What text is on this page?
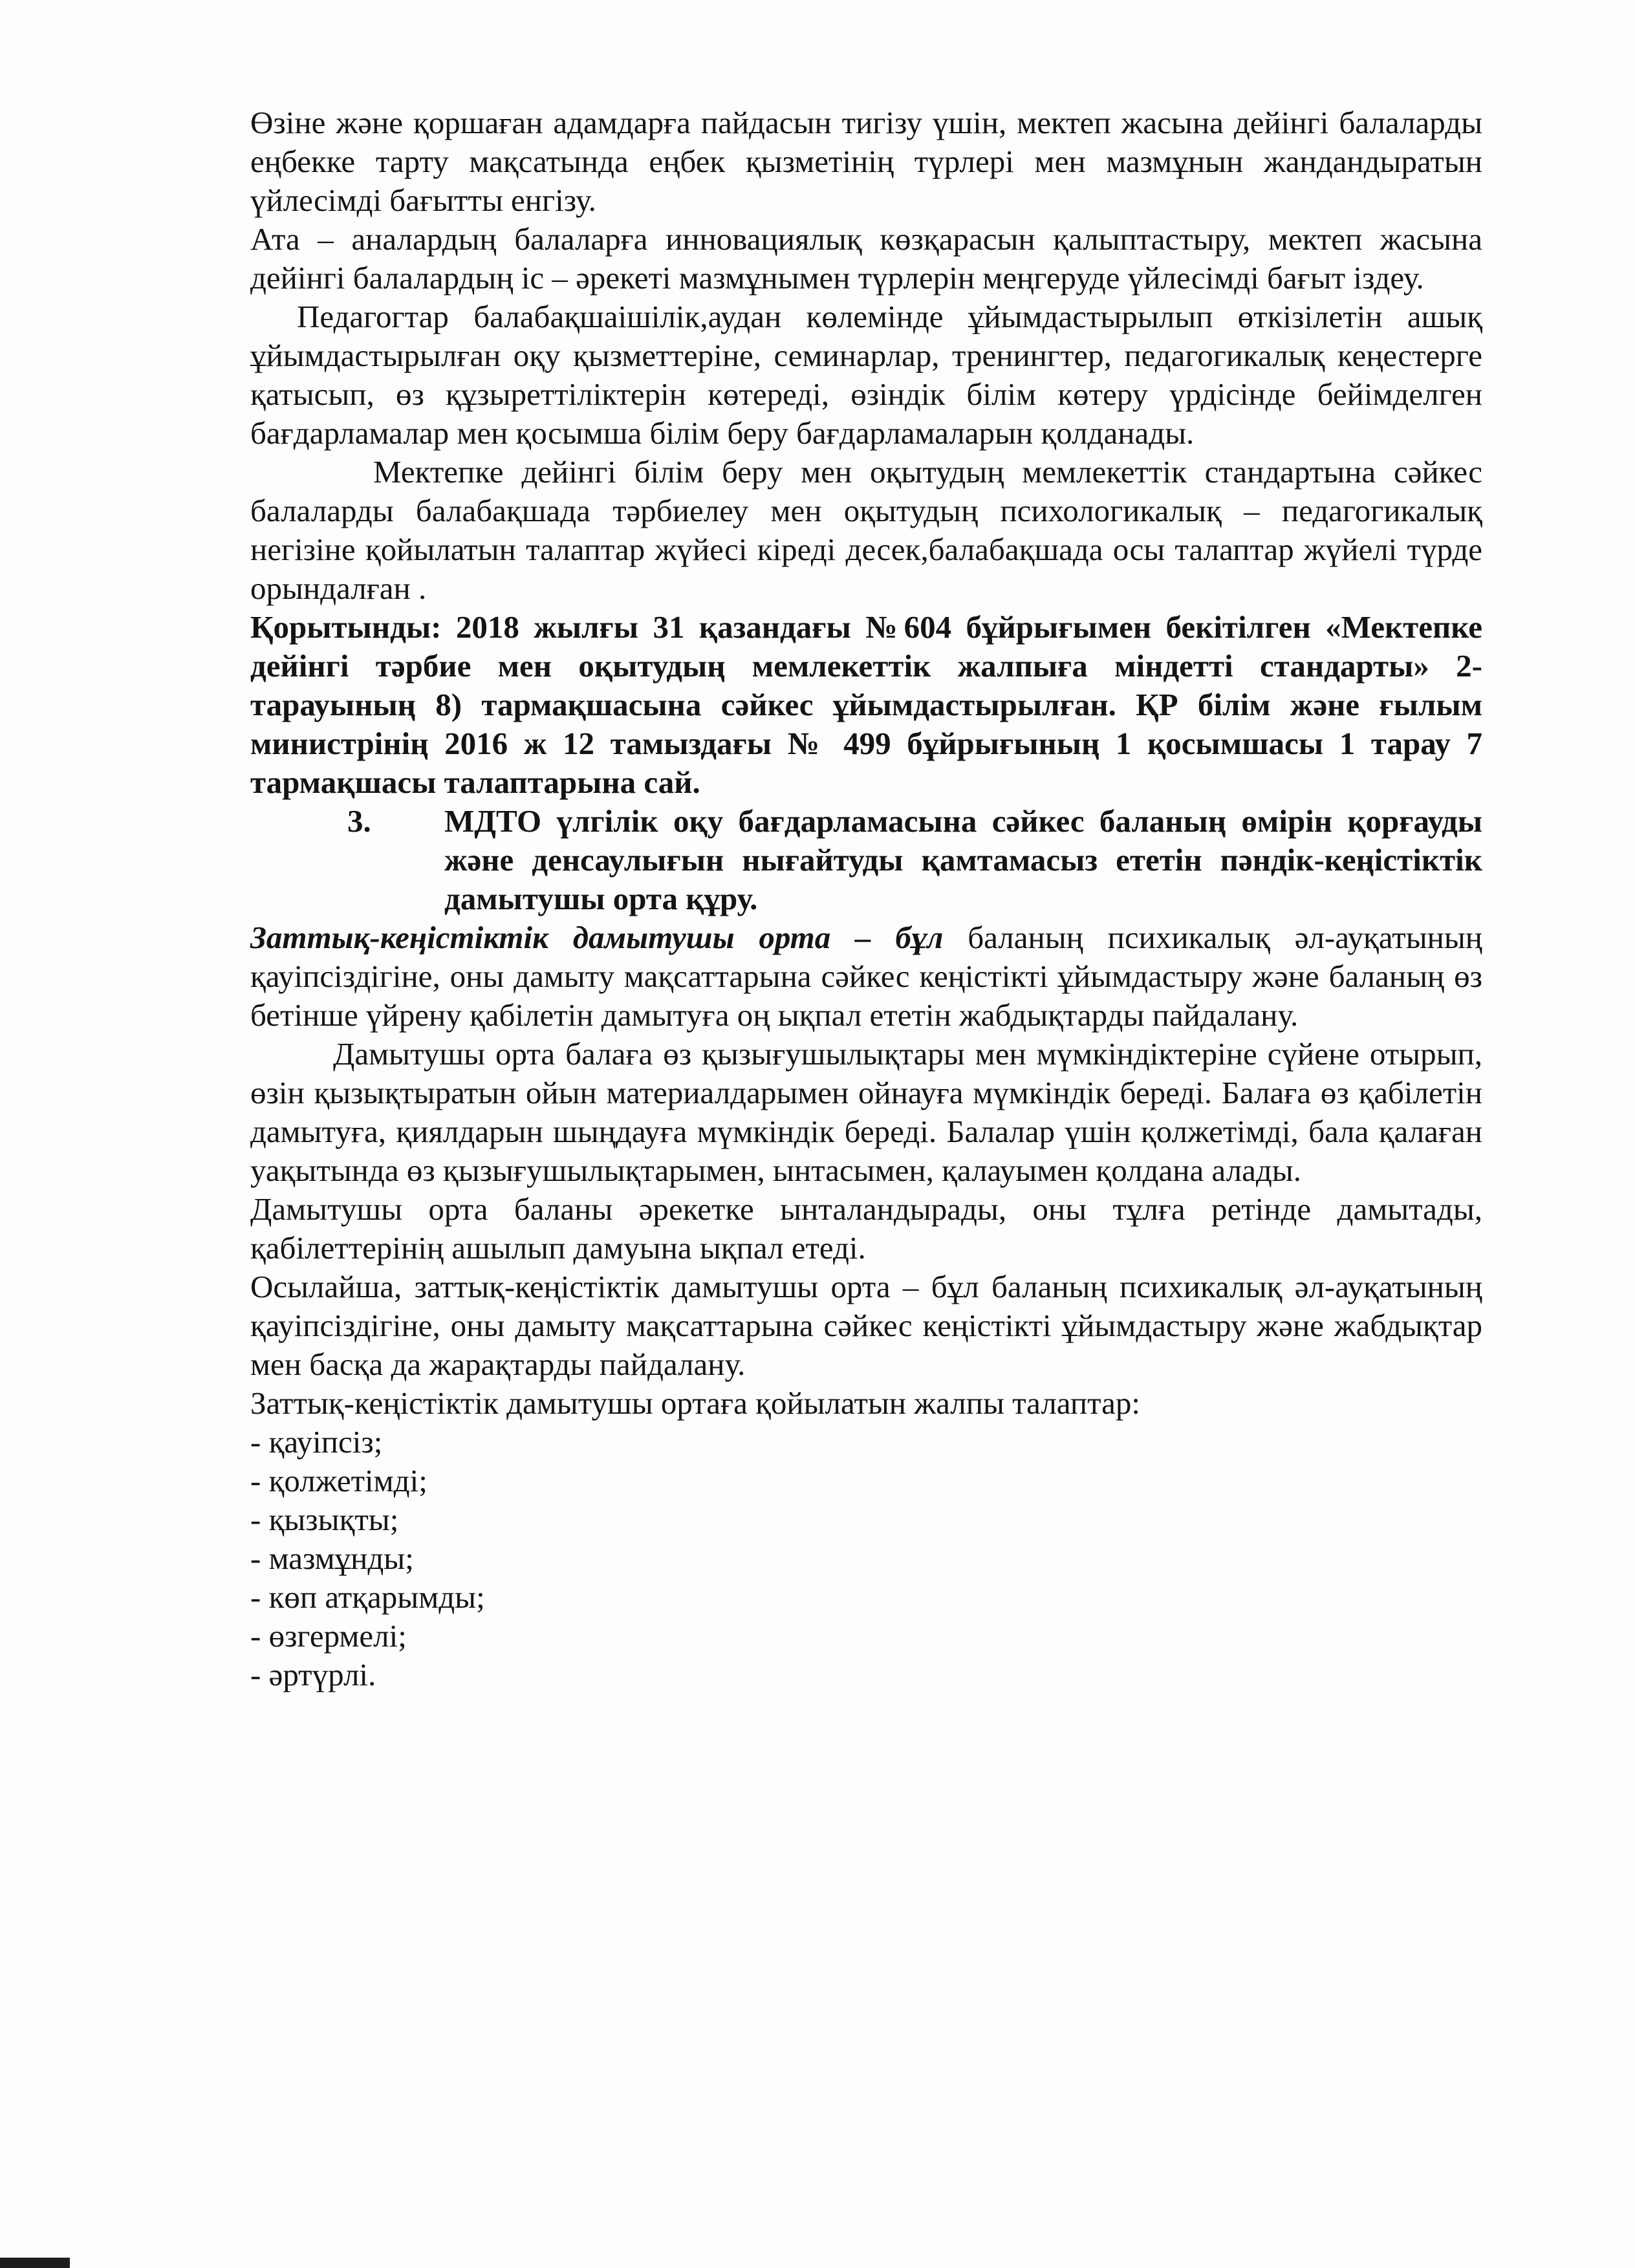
Өзіне және қоршаған адамдарға пайдасын тигізу үшін, мектеп жасына дейінгі балаларды еңбекке тарту мақсатында еңбек қызметінің түрлері мен мазмұнын жандандыратын үйлесімді бағытты енгізу.

Ата – аналардың балаларға инновациялық көзқарасын қалыптастыру, мектеп жасына дейінгі балалардың іс – әрекеті мазмұнымен түрлерін меңгеруде үйлесімді бағыт іздеу.

Педагогтар балабақшаішілік,аудан көлемінде ұйымдастырылып өткізілетін ашық ұйымдастырылған оқу қызметтеріне, семинарлар, тренингтер, педагогикалық кеңестерге қатысып, өз құзыреттіліктерін көтереді, өзіндік білім көтеру үрдісінде бейімделген бағдарламалар мен қосымша білім беру бағдарламаларын қолданады.

Мектепке дейінгі білім беру мен оқытудың мемлекеттік стандартына сәйкес балаларды балабақшада тәрбиелеу мен оқытудың психологикалық – педагогикалық негізіне қойылатын талаптар жүйесі кіреді десек,балабақшада осы талаптар жүйелі түрде орындалған .

Қорытынды: 2018 жылғы 31 қазандағы №604 бұйрығымен бекітілген «Мектепке дейінгі тәрбие мен оқытудың мемлекеттік жалпыға міндетті стандарты» 2-тарауының 8) тармақшасына сәйкес ұйымдастырылған. ҚР білім және ғылым министрінің 2016 ж 12 тамыздағы № 499 бұйрығының 1 қосымшасы 1 тарау 7 тармақшасы талаптарына сай.

3.	МДТО үлгілік оқу бағдарламасына сәйкес баланың өмірін қорғауды және денсаулығын нығайтуды қамтамасыз ететін пәндік-кеңістіктік дамытушы орта құру.

Заттық-кеңістіктік дамытушы орта – бұл баланың психикалық әл-ауқатының қауіпсіздігіне, оны дамыту мақсаттарына сәйкес кеңістікті ұйымдастыру және баланың өз бетінше үйрену қабілетін дамытуға оң ықпал ететін жабдықтарды пайдалану.

Дамытушы орта балаға өз қызығушылықтары мен мүмкіндіктеріне сүйене отырып, өзін қызықтыратын ойын материалдарымен ойнауға мүмкіндік береді. Балаға өз қабілетін дамытуға, қиялдарын шыңдауға мүмкіндік береді. Балалар үшін қолжетімді, бала қалаған уақытында өз қызығушылықтарымен, ынтасымен, қалауымен қолдана алады.

Дамытушы орта баланы әрекетке ынталандырады, оны тұлға ретінде дамытады, қабілеттерінің ашылып дамуына ықпал етеді.

Осылайша, заттық-кеңістіктік дамытушы орта – бұл баланың психикалық әл-ауқатының қауіпсіздігіне, оны дамыту мақсаттарына сәйкес кеңістікті ұйымдастыру және жабдықтар мен басқа да жарақтарды пайдалану.

Заттық-кеңістіктік дамытушы ортаға қойылатын жалпы талаптар:

- қауіпсіз;
- қолжетімді;
- қызықты;
- мазмұнды;
- көп атқарымды;
- өзгермелі;
- әртүрлі.
